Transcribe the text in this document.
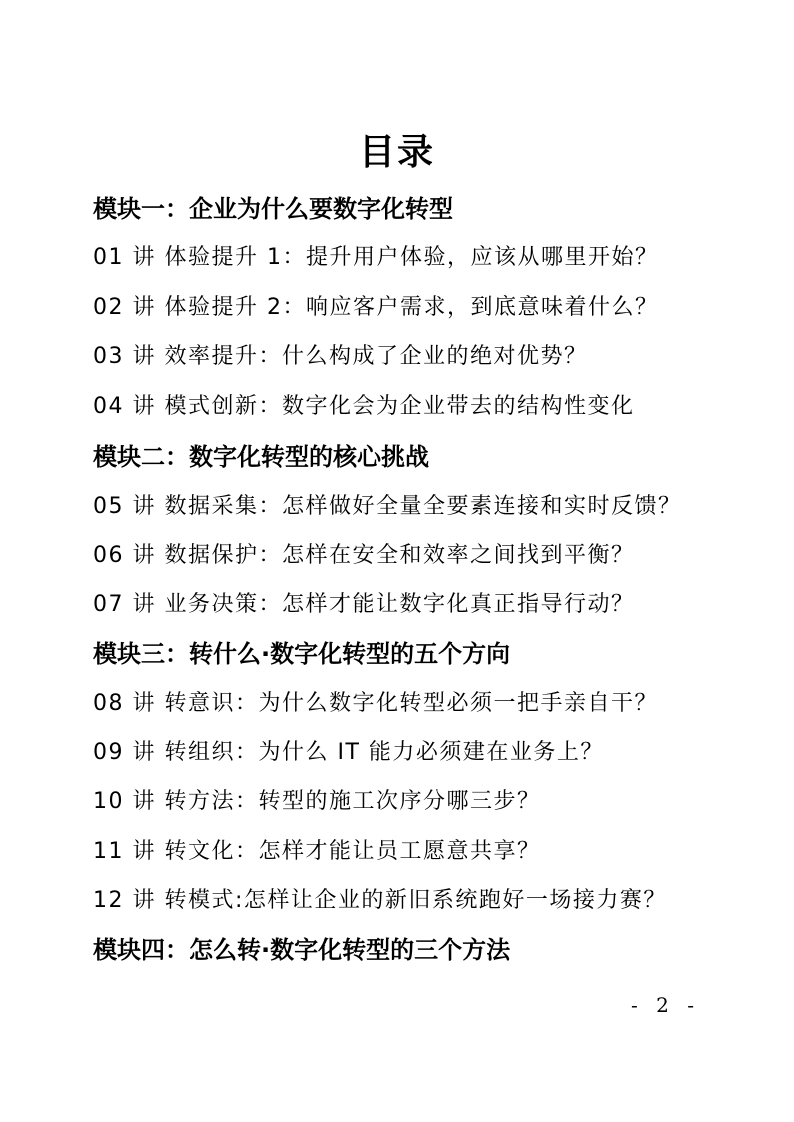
目录
模块一：企业为什么要数字化转型
01 讲 体验提升 1：提升用户体验，应该从哪里开始？
02 讲 体验提升 2：响应客户需求，到底意味着什么？
03 讲 效率提升：什么构成了企业的绝对优势？
04 讲 模式创新：数字化会为企业带去的结构性变化
模块二：数字化转型的核心挑战
05 讲 数据采集：怎样做好全量全要素连接和实时反馈？
06 讲 数据保护：怎样在安全和效率之间找到平衡？
07 讲 业务决策：怎样才能让数字化真正指导行动？
模块三：转什么·数字化转型的五个方向
08 讲 转意识：为什么数字化转型必须一把手亲自干？
09 讲 转组织：为什么 IT 能力必须建在业务上？
10 讲 转方法：转型的施工次序分哪三步？
11 讲 转文化：怎样才能让员工愿意共享？
12 讲 转模式:怎样让企业的新旧系统跑好一场接力赛？
模块四：怎么转·数字化转型的三个方法
- 2 -
